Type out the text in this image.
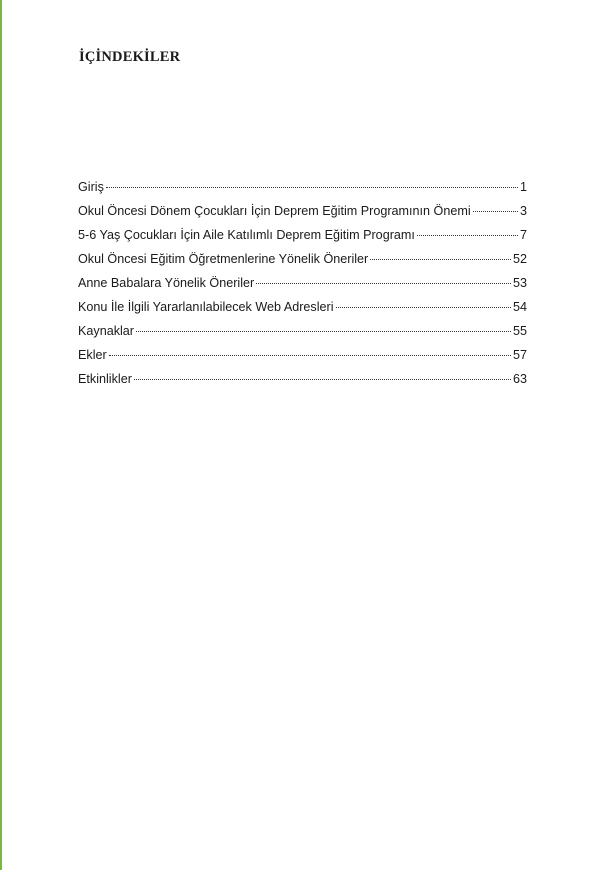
İÇİNDEKİLER
Giriş	1
Okul Öncesi Dönem Çocukları İçin Deprem Eğitim Programının Önemi	3
5-6 Yaş Çocukları İçin Aile Katılımlı Deprem Eğitim Programı	7
Okul Öncesi Eğitim Öğretmenlerine Yönelik Öneriler	52
Anne Babalara Yönelik Öneriler	53
Konu İle İlgili Yararlanılabilecek Web Adresleri	54
Kaynaklar	55
Ekler	57
Etkinlikler	63
